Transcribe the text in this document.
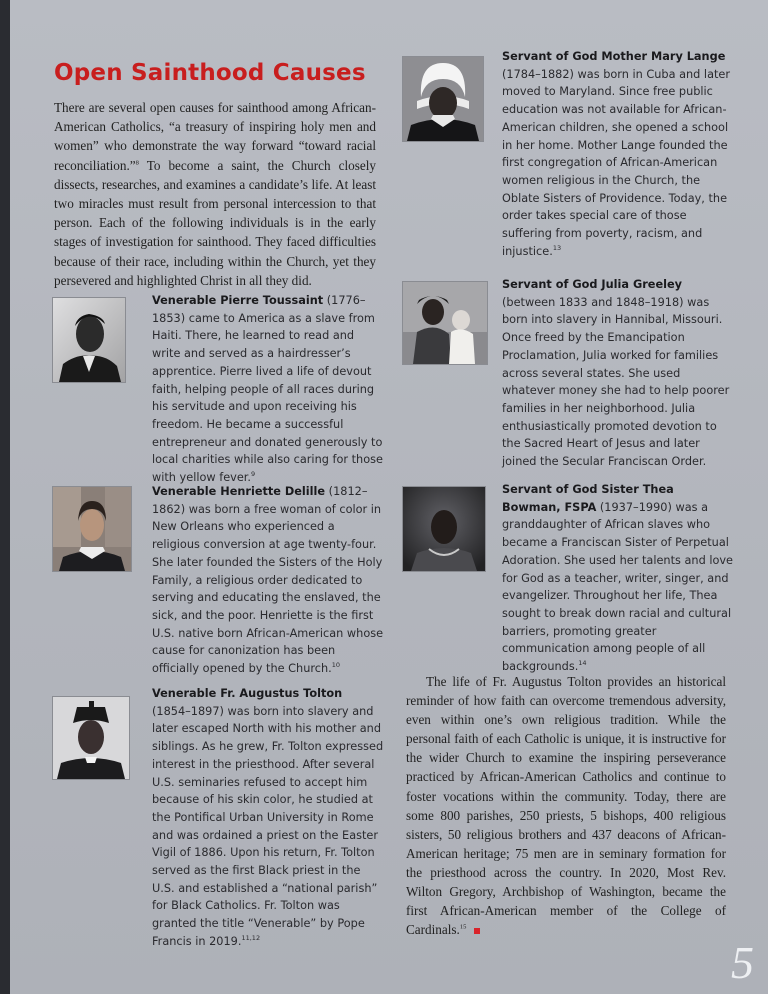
Open Sainthood Causes

There are several open causes for sainthood among African-American Catholics, “a treasury of inspiring holy men and women” who demonstrate the way forward “toward racial reconciliation.”$^8$ To become a saint, the Church closely dissects, researches, and examines a candidate’s life. At least two miracles must result from personal intercession to that person. Each of the following individuals is in the early stages of investigation for sainthood. They faced difficulties because of their race, including within the Church, yet they persevered and highlighted Christ in all they did.

Venerable Pierre Toussaint (1776–1853) came to America as a slave from Haiti. There, he learned to read and write and served as a hairdresser’s apprentice. Pierre lived a life of devout faith, helping people of all races during his servitude and upon receiving his freedom. He became a successful entrepreneur and donated generously to local charities while also caring for those with yellow fever.$^9$

Venerable Henriette Delille (1812–1862) was born a free woman of color in New Orleans who experienced a religious conversion at age twenty-four. She later founded the Sisters of the Holy Family, a religious order dedicated to serving and educating the enslaved, the sick, and the poor. Henriette is the first U.S. native born African-American whose cause for canonization has been officially opened by the Church.$^{10}$

Venerable Fr. Augustus Tolton (1854–1897) was born into slavery and later escaped North with his mother and siblings. As he grew, Fr. Tolton expressed interest in the priesthood. After several U.S. seminaries refused to accept him because of his skin color, he studied at the Pontifical Urban University in Rome and was ordained a priest on the Easter Vigil of 1886. Upon his return, Fr. Tolton served as the first Black priest in the U.S. and established a “national parish” for Black Catholics. Fr. Tolton was granted the title “Venerable” by Pope Francis in 2019.$^{11,12}$

Servant of God Mother Mary Lange (1784–1882) was born in Cuba and later moved to Maryland. Since free public education was not available for African-American children, she opened a school in her home. Mother Lange founded the first congregation of African-American women religious in the Church, the Oblate Sisters of Providence. Today, the order takes special care of those suffering from poverty, racism, and injustice.$^{13}$

Servant of God Julia Greeley (between 1833 and 1848–1918) was born into slavery in Hannibal, Missouri. Once freed by the Emancipation Proclamation, Julia worked for families across several states. She used whatever money she had to help poorer families in her neighborhood. Julia enthusiastically promoted devotion to the Sacred Heart of Jesus and later joined the Secular Franciscan Order.

Servant of God Sister Thea Bowman, FSPA (1937–1990) was a granddaughter of African slaves who became a Franciscan Sister of Perpetual Adoration. She used her talents and love for God as a teacher, writer, singer, and evangelizer. Throughout her life, Thea sought to break down racial and cultural barriers, promoting greater communication among people of all backgrounds.$^{14}$

The life of Fr. Augustus Tolton provides an historical reminder of how faith can overcome tremendous adversity, even within one’s own religious tradition. While the personal faith of each Catholic is unique, it is instructive for the wider Church to examine the inspiring perseverance practiced by African-American Catholics and continue to foster vocations within the community. Today, there are some 800 parishes, 250 priests, 5 bishops, 400 religious sisters, 50 religious brothers and 437 deacons of African-American heritage; 75 men are in seminary formation for the priesthood across the country. In 2020, Most Rev. Wilton Gregory, Archbishop of Washington, became the first African-American member of the College of Cardinals.$^{15}$

5
